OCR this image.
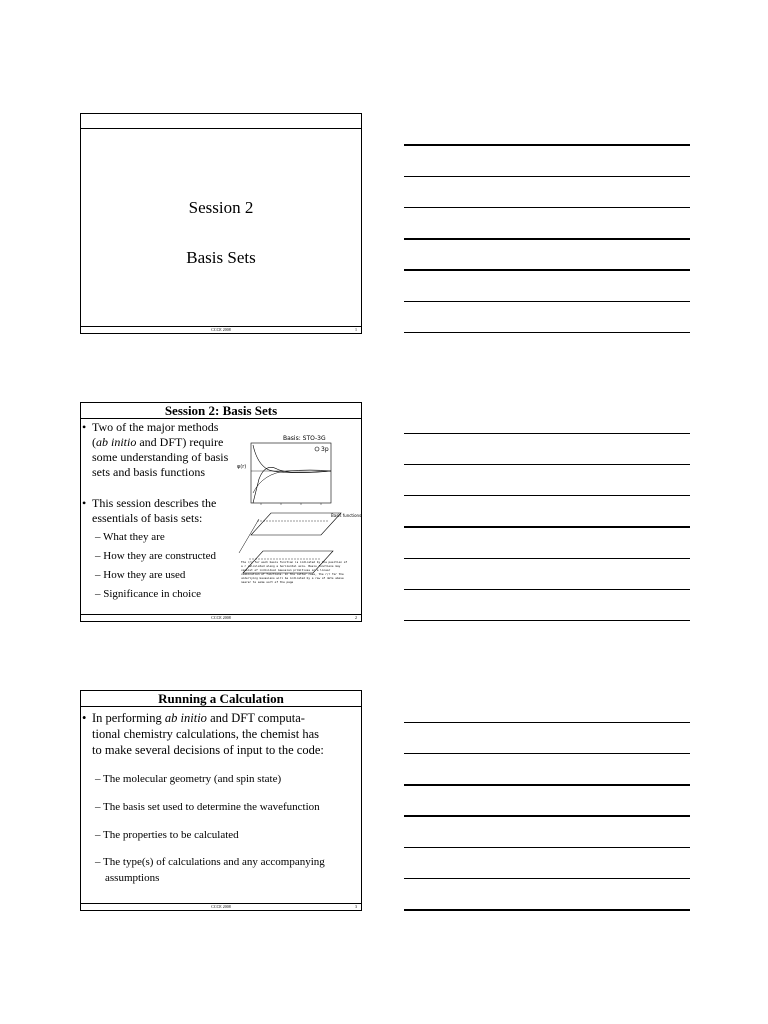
Session 2
Basis Sets
CCCE 2008	1
Session 2: Basis Sets
• Two of the major methods
(ab initio and DFT) require
some understanding of basis
sets and basis functions
• This session describes the
essentials of basis sets:
– What they are
– How they are constructed
– How they are used
– Significance in choice
Basis: STO-3G
3p
φ(r)
Basis functions
The r/r for each basis function is indicated by the position of
a r calculated along a horizontal axis. Basis functions may
consist of individual Gaussian primitives or a linear
combination of functions. In the latter case, the r/r for the
underlying Gaussians will be indicated by a row of dots above
nearer to some sort of the page
CCCE 2008	2
Running a Calculation
• In performing ab initio and DFT computa-
tional chemistry calculations, the chemist has
to make several decisions of input to the code:
– The molecular geometry (and spin state)
– The basis set used to determine the wavefunction
– The properties to be calculated
– The type(s) of calculations and any accompanying
assumptions
CCCE 2008	3
